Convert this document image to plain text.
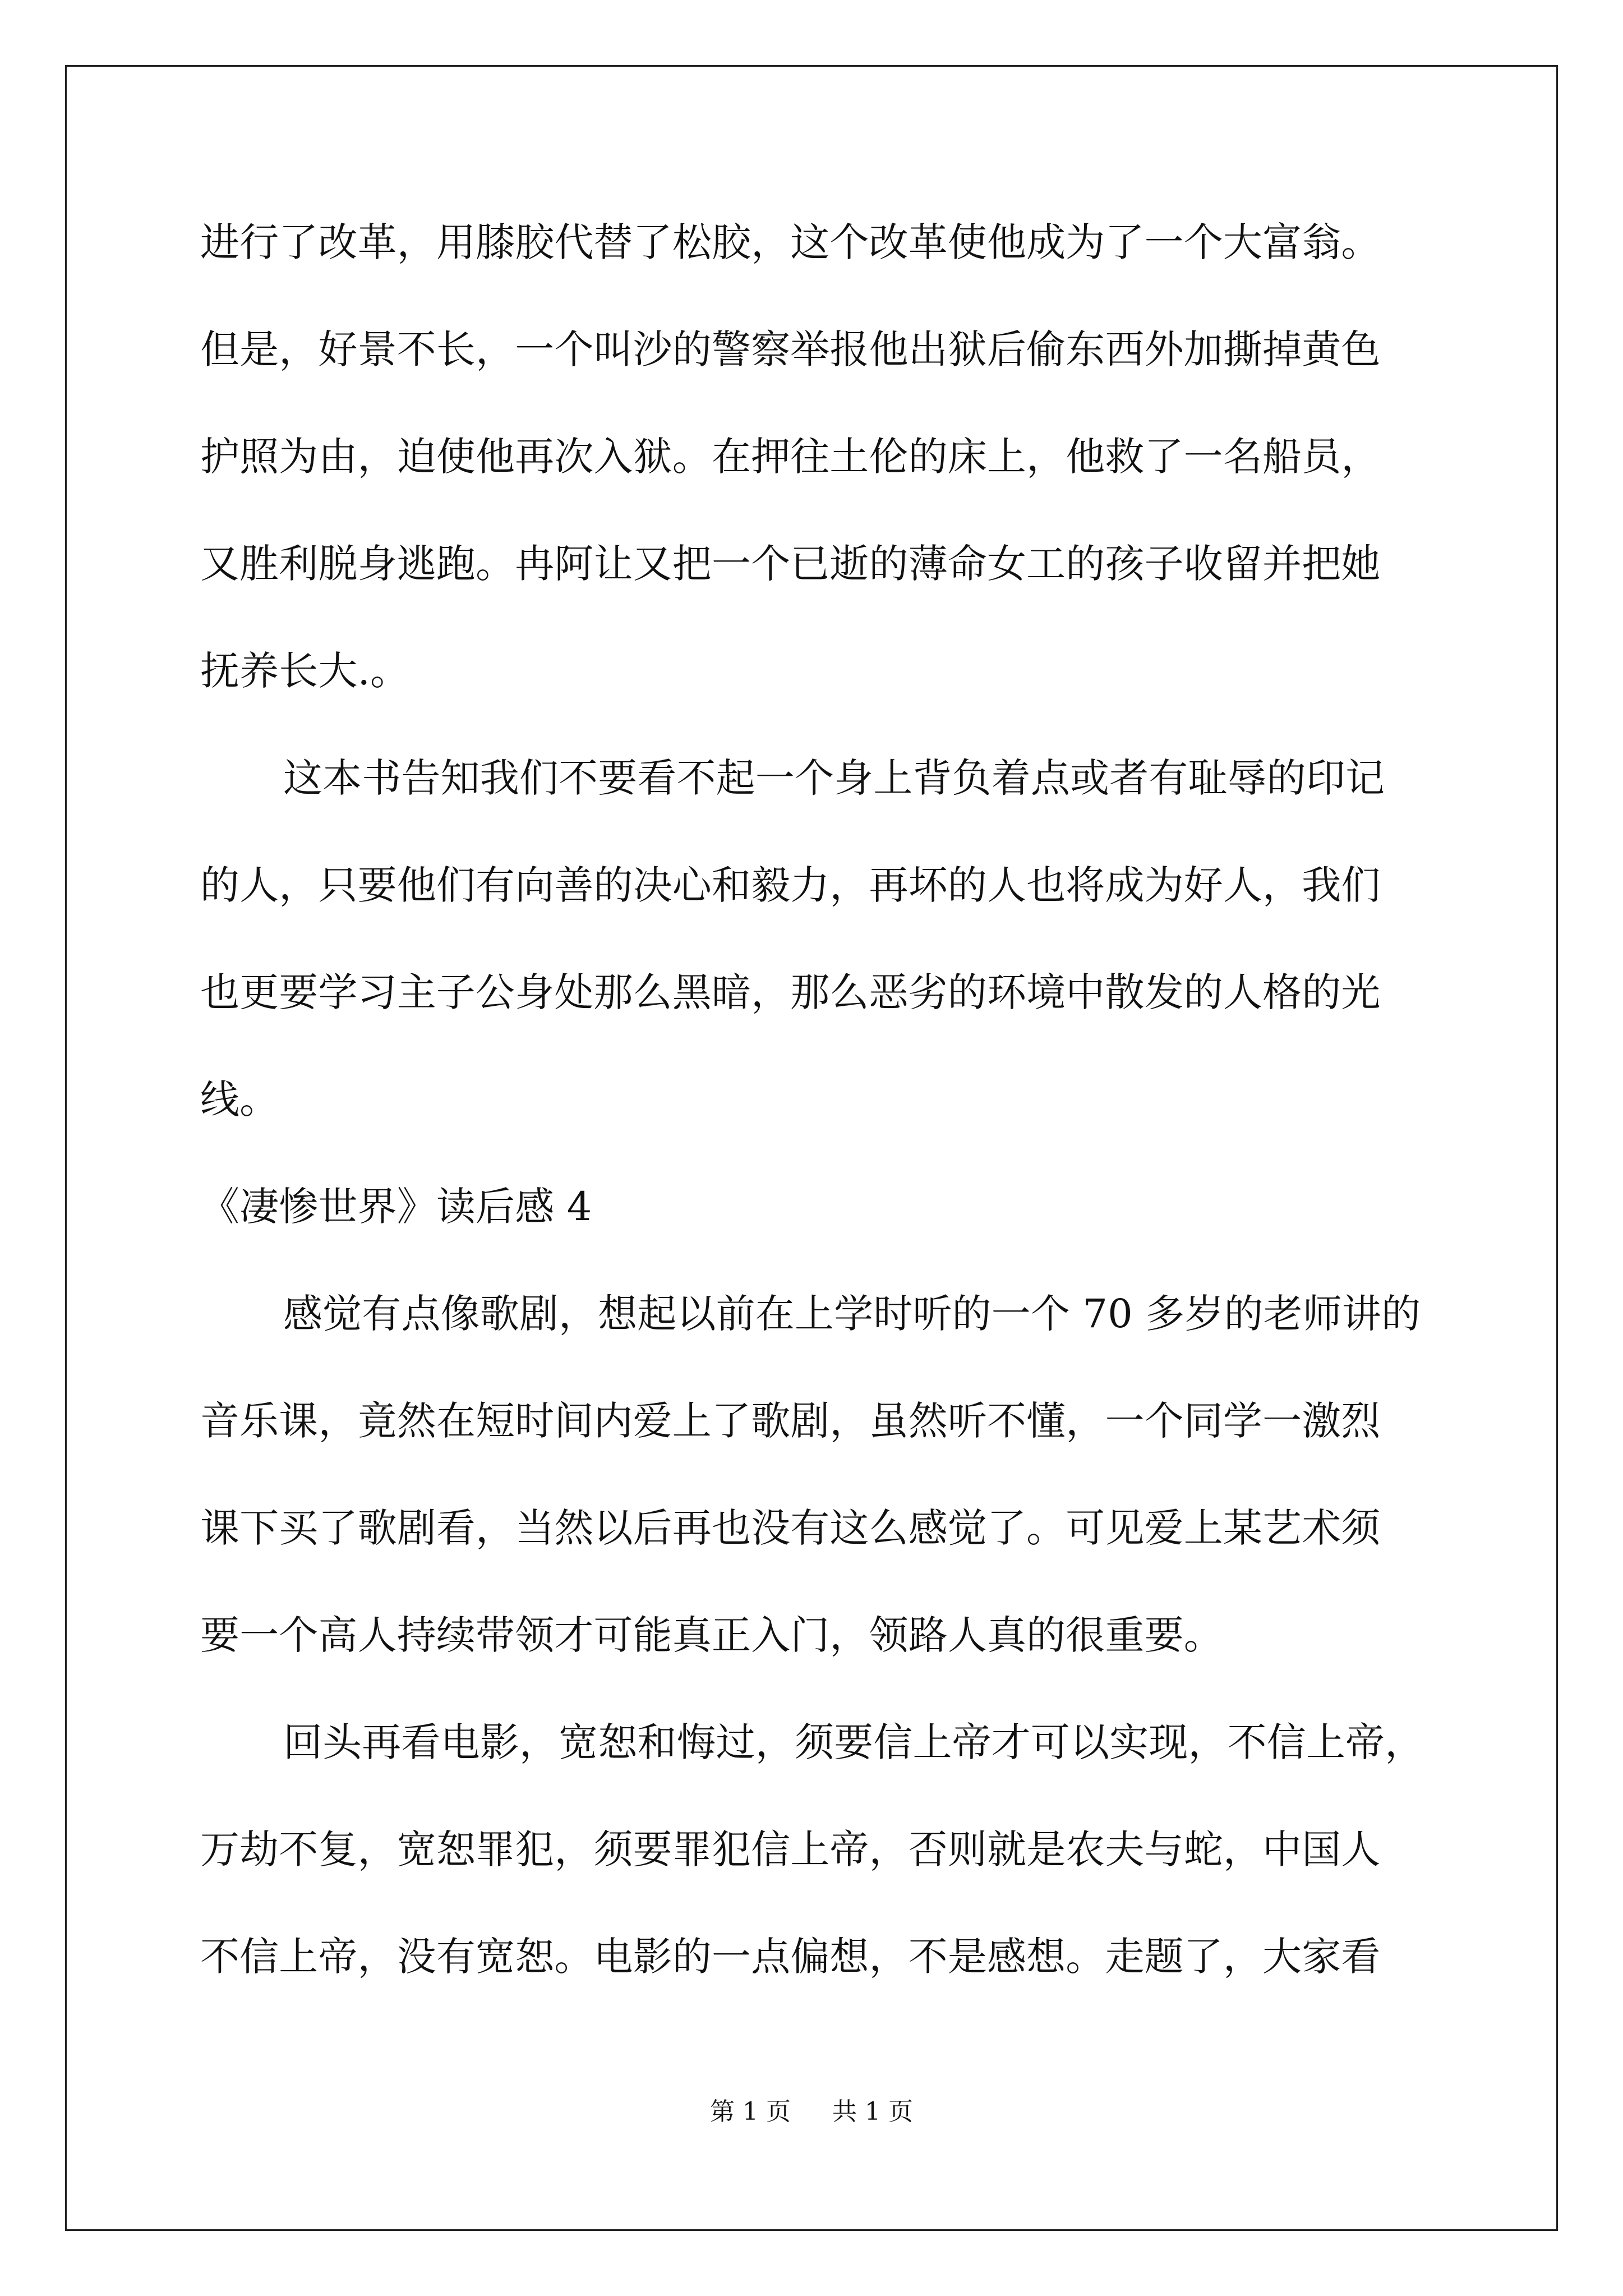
进行了改革，用膝胶代替了松胶，这个改革使他成为了一个大富翁。
但是，好景不长，一个叫沙的警察举报他出狱后偷东西外加撕掉黄色
护照为由，迫使他再次入狱。在押往土伦的床上，他救了一名船员，
又胜利脱身逃跑。冉阿让又把一个已逝的薄命女工的孩子收留并把她
抚养长大.。
这本书告知我们不要看不起一个身上背负着点或者有耻辱的印记
的人，只要他们有向善的决心和毅力，再坏的人也将成为好人，我们
也更要学习主子公身处那么黑暗，那么恶劣的环境中散发的人格的光
线。
《凄惨世界》读后感 4
感觉有点像歌剧，想起以前在上学时听的一个 70 多岁的老师讲的
音乐课，竟然在短时间内爱上了歌剧，虽然听不懂，一个同学一激烈
课下买了歌剧看，当然以后再也没有这么感觉了。可见爱上某艺术须
要一个高人持续带领才可能真正入门，领路人真的很重要。
回头再看电影，宽恕和悔过，须要信上帝才可以实现，不信上帝，
万劫不复，宽恕罪犯，须要罪犯信上帝，否则就是农夫与蛇，中国人
不信上帝，没有宽恕。电影的一点偏想，不是感想。走题了，大家看
第 1 页 共 1 页
